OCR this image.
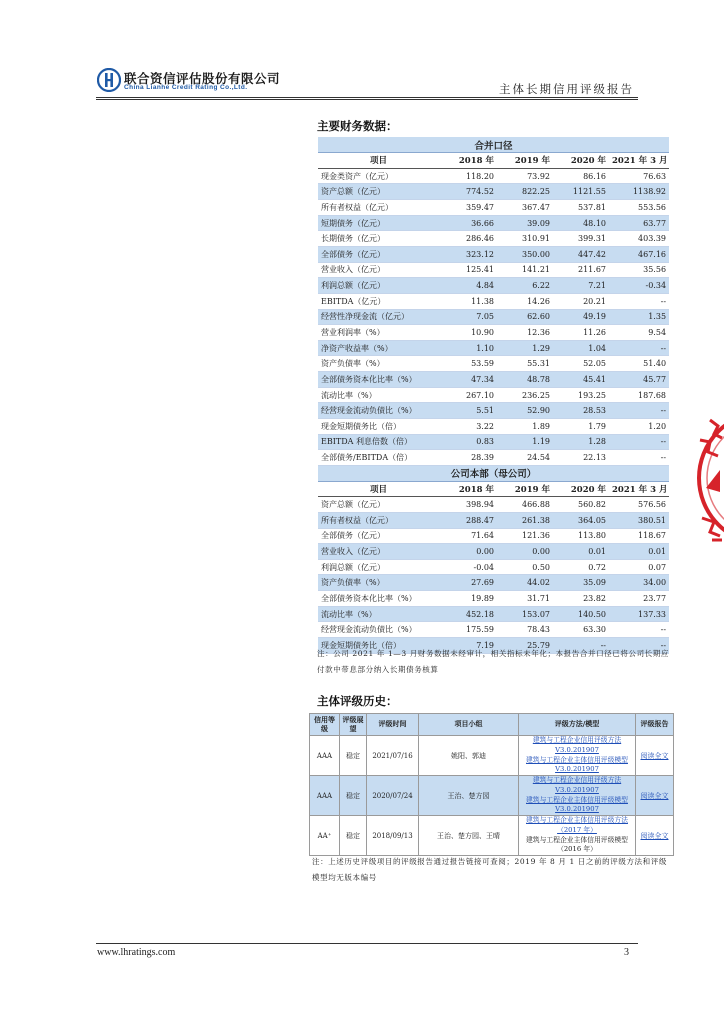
联合资信评估股份有限公司
China Lianhe Credit Rating Co.,Ltd.	主体长期信用评级报告
主要财务数据：
合并口径				
项目	2018 年	2019 年	2020 年	2021 年 3 月
现金类资产（亿元）	118.20	73.92	86.16	76.63
资产总额（亿元）	774.52	822.25	1121.55	1138.92
所有者权益（亿元）	359.47	367.47	537.81	553.56
短期债务（亿元）	36.66	39.09	48.10	63.77
长期债务（亿元）	286.46	310.91	399.31	403.39
全部债务（亿元）	323.12	350.00	447.42	467.16
营业收入（亿元）	125.41	141.21	211.67	35.56
利润总额（亿元）	4.84	6.22	7.21	-0.34
EBITDA（亿元）	11.38	14.26	20.21	--
经营性净现金流（亿元）	7.05	62.60	49.19	1.35
营业利润率（%）	10.90	12.36	11.26	9.54
净资产收益率（%）	1.10	1.29	1.04	--
资产负债率（%）	53.59	55.31	52.05	51.40
全部债务资本化比率（%）	47.34	48.78	45.41	45.77
流动比率（%）	267.10	236.25	193.25	187.68
经营现金流动负债比（%）	5.51	52.90	28.53	--
现金短期债务比（倍）	3.22	1.89	1.79	1.20
EBITDA 利息倍数（倍）	0.83	1.19	1.28	--
全部债务/EBITDA（倍）	28.39	24.54	22.13	--
公司本部（母公司）				
项目	2018 年	2019 年	2020 年	2021 年 3 月
资产总额（亿元）	398.94	466.88	560.82	576.56
所有者权益（亿元）	288.47	261.38	364.05	380.51
全部债务（亿元）	71.64	121.36	113.80	118.67
营业收入（亿元）	0.00	0.00	0.01	0.01
利润总额（亿元）	-0.04	0.50	0.72	0.07
资产负债率（%）	27.69	44.02	35.09	34.00
全部债务资本化比率（%）	19.89	31.71	23.82	23.77
流动比率（%）	452.18	153.07	140.50	137.33
经营现金流动负债比（%）	175.59	78.43	63.30	--
现金短期债务比（倍）	7.19	25.79	--	--
注：公司 2021 年 1—3 月财务数据未经审计，相关指标未年化；本报告合并口径已将公司长期应付款中带息部分纳入长期债务核算
主体评级历史：
信用等级	评级展望	评级时间	项目小组	评级方法/模型	评级报告
AAA	稳定	2021/07/16	姚阳、郭迪	建筑与工程企业信用评级方法
V3.0.201907
建筑与工程企业主体信用评级模型
V3.0.201907	阅读全文
AAA	稳定	2020/07/24	王治、楚方园	建筑与工程企业信用评级方法
V3.0.201907
建筑与工程企业主体信用评级模型
V3.0.201907	阅读全文
AA⁺	稳定	2018/09/13	王治、楚方园、王晴	建筑与工程企业主体信用评级方法
（2017 年）
建筑与工程企业主体信用评级模型
（2016 年）	阅读全文
注：上述历史评级项目的评级报告通过报告链接可查阅；2019 年 8 月 1 日之前的评级方法和评级模型均无版本编号
www.lhratings.com	3
